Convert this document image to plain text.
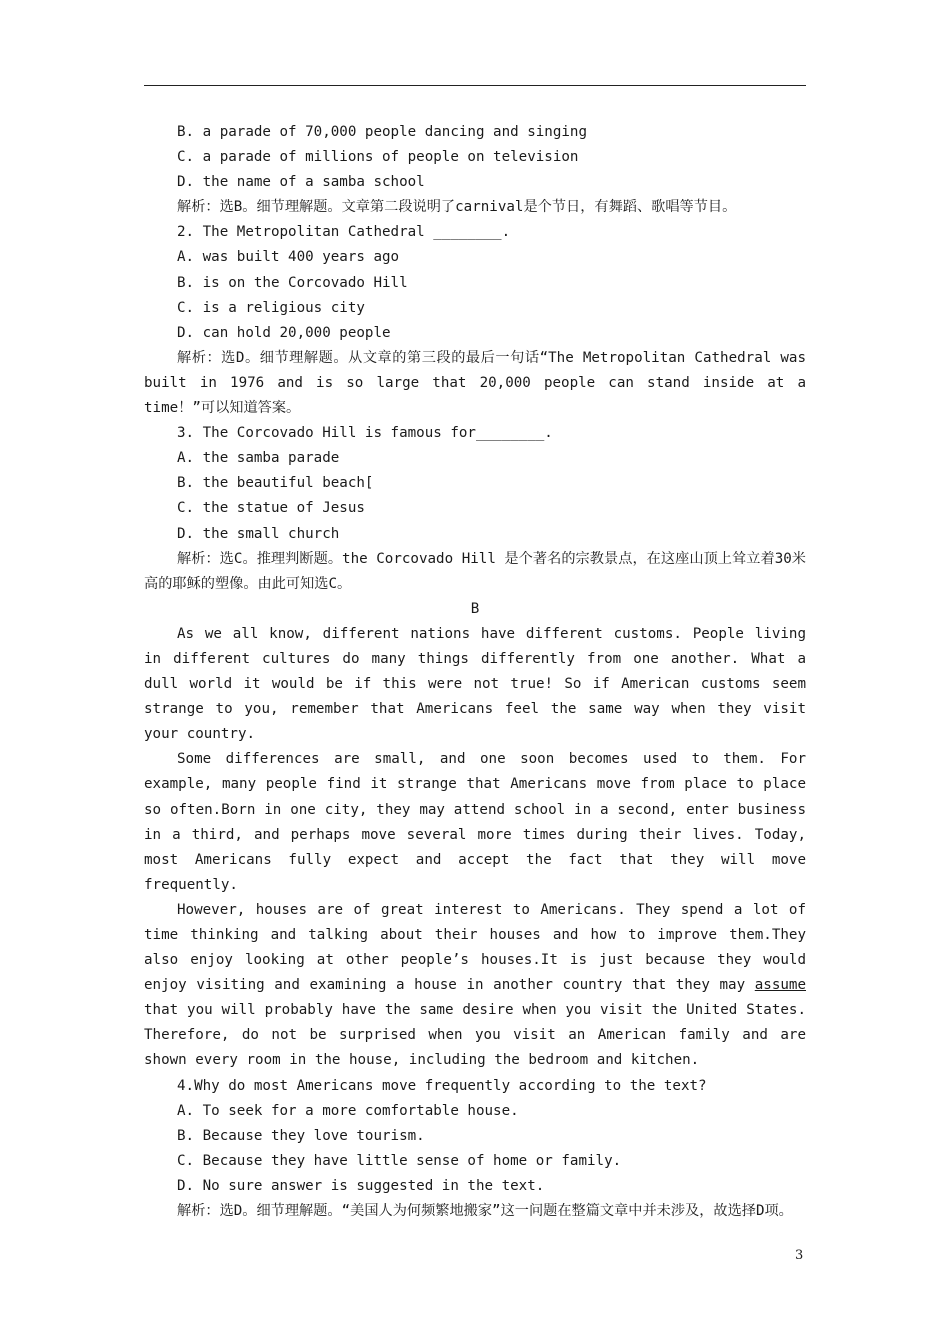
B. a parade of 70,000 people dancing and singing
C. a parade of millions of people on television
D. the name of a samba school
解析：选B。细节理解题。文章第二段说明了carnival是个节日，有舞蹈、歌唱等节目。
2. The Metropolitan Cathedral ________.
A. was built 400 years ago
B. is on the Corcovado Hill
C. is a religious city
D. can hold 20,000 people
解析：选D。细节理解题。从文章的第三段的最后一句话“The Metropolitan Cathedral was built in 1976 and is so large that 20,000 people can stand inside at a time！”可以知道答案。
3. The Corcovado Hill is famous for________.
A. the samba parade
B. the beautiful beach[
C. the statue of Jesus
D. the small church
解析：选C。推理判断题。the Corcovado Hill 是个著名的宗教景点，在这座山顶上耸立着30米高的耶稣的塑像。由此可知选C。
B
As we all know, different nations have different customs. People living in different cultures do many things differently from one another. What a dull world it would be if this were not true! So if American customs seem strange to you, remember that Americans feel the same way when they visit your country.
Some differences are small, and one soon becomes used to them. For example, many people find it strange that Americans move from place to place so often.Born in one city, they may attend school in a second, enter business in a third, and perhaps move several more times during their lives. Today, most Americans fully expect and accept the fact that they will move frequently.
However, houses are of great interest to Americans. They spend a lot of time thinking and talking about their houses and how to improve them.They also enjoy looking at other people’s houses.It is just because they would enjoy visiting and examining a house in another country that they may assume that you will probably have the same desire when you visit the United States. Therefore, do not be surprised when you visit an American family and are shown every room in the house, including the bedroom and kitchen.
4.Why do most Americans move frequently according to the text?
A. To seek for a more comfortable house.
B. Because they love tourism.
C. Because they have little sense of home or family.
D. No sure answer is suggested in the text.
解析：选D。细节理解题。“美国人为何频繁地搬家”这一问题在整篇文章中并未涉及，故选择D项。
3
